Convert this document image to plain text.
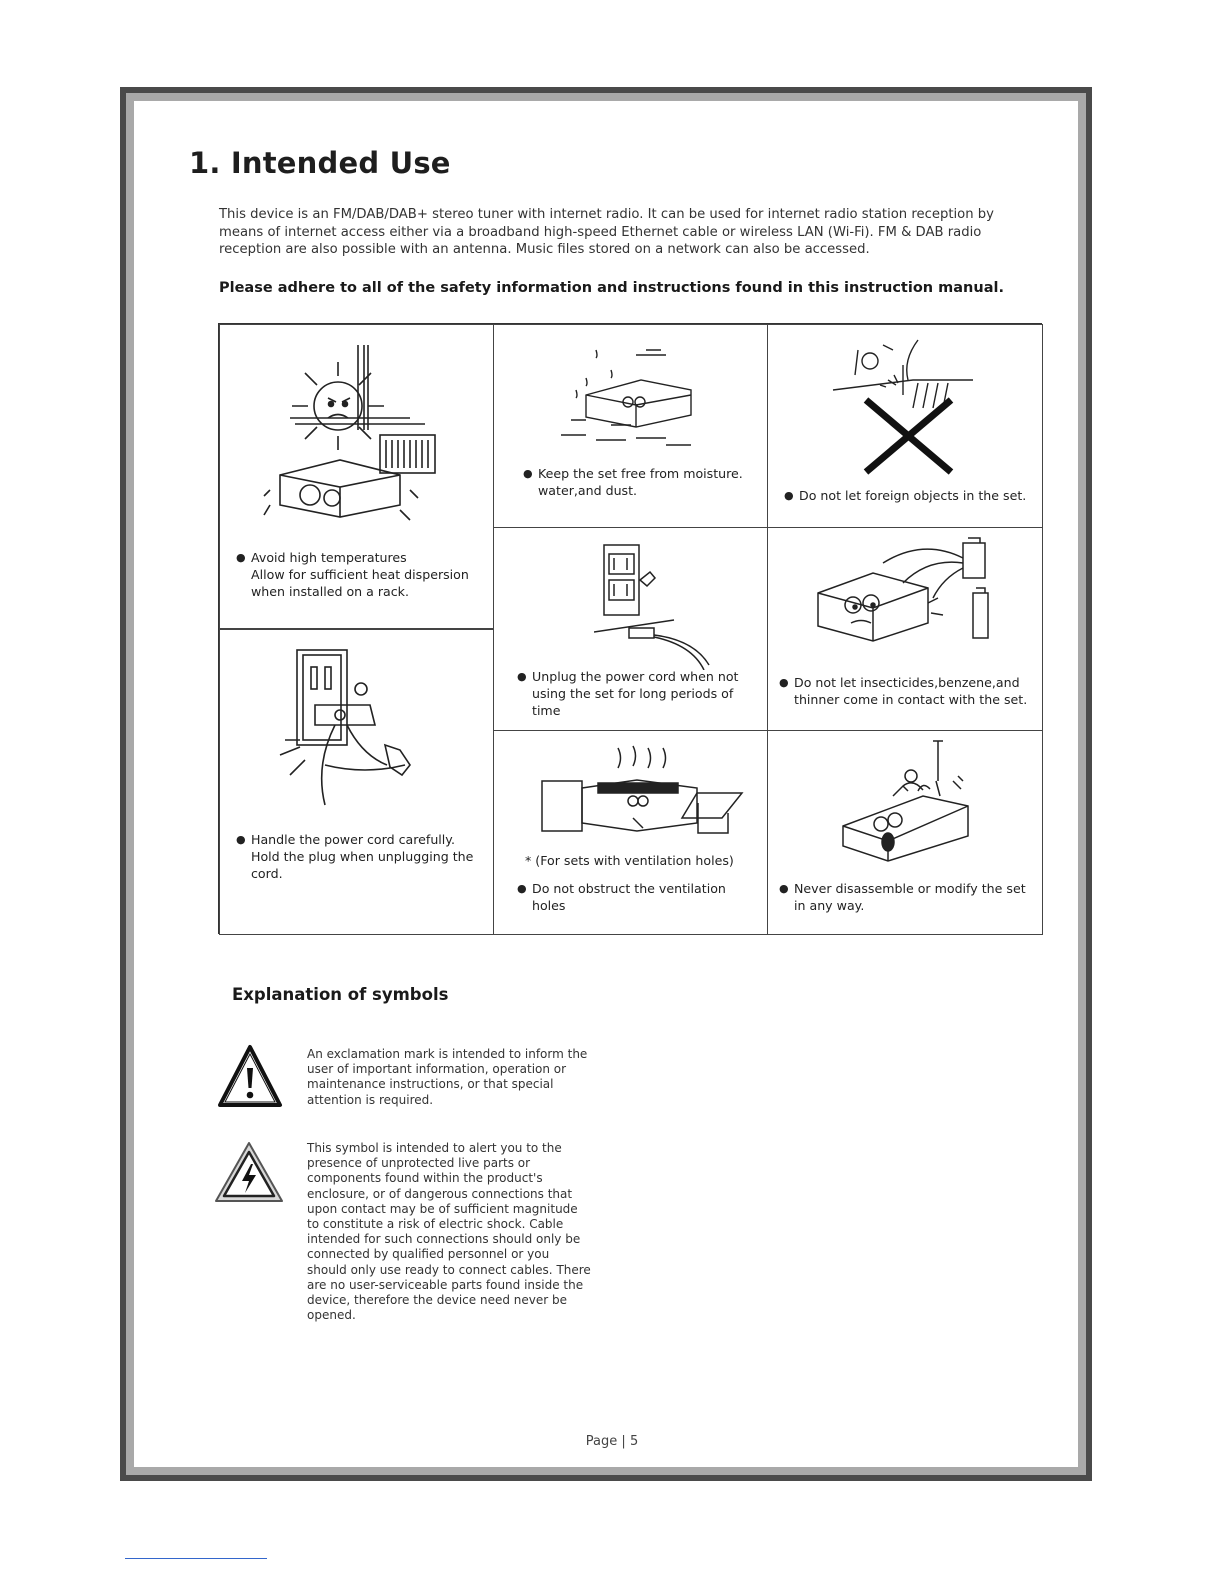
1. Intended Use

This device is an FM/DAB/DAB+ stereo tuner with internet radio. It can be used for internet radio station reception by means of internet access either via a broadband high-speed Ethernet cable or wireless LAN (Wi-Fi). FM & DAB radio reception are also possible with an antenna. Music files stored on a network can also be accessed.

Please adhere to all of the safety information and instructions found in this instruction manual.

● Avoid high temperatures
Allow for sufficient heat dispersion
when installed on a rack.

● Handle the power cord carefully.
Hold the plug when unplugging the
cord.

● Keep the set free from moisture.
water,and dust.

● Unplug the power cord when not
using the set for long periods of
time

* (For sets with ventilation holes)

● Do not obstruct the ventilation
holes

● Do not let foreign objects in the set.

● Do not let insecticides,benzene,and
thinner come in contact with the set.

● Never disassemble or modify the set
in any way.

Explanation of symbols

An exclamation mark is intended to inform the user of important information, operation or maintenance instructions, or that special attention is required.

This symbol is intended to alert you to the presence of unprotected live parts or components found within the product's enclosure, or of dangerous connections that upon contact may be of sufficient magnitude to constitute a risk of electric shock. Cable intended for such connections should only be connected by qualified personnel or you should only use ready to connect cables. There are no user-serviceable parts found inside the device, therefore the device need never be opened.

Page | 5
